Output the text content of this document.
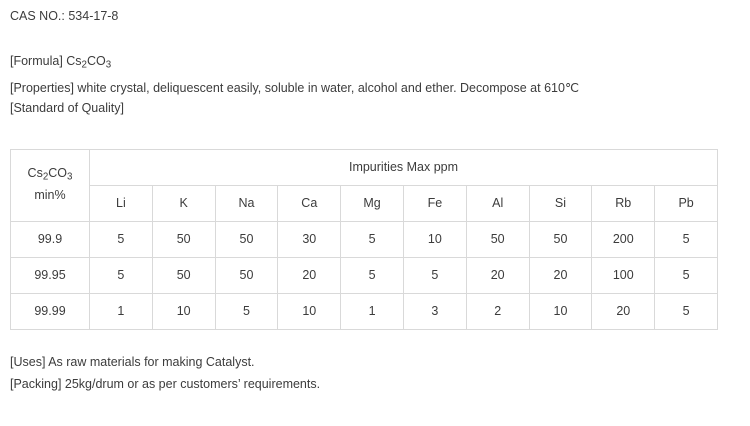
CAS NO.: 534-17-8
[Formula] $Cs_2CO_3$
[Properties] white crystal, deliquescent easily, soluble in water, alcohol and ether. Decompose at 610℃
[Standard of Quality]
$Cs_2CO_3$
min%	Impurities Max ppm									
	Li	K	Na	Ca	Mg	Fe	Al	Si	Rb	Pb
99.9	5	50	50	30	5	10	50	50	200	5
99.95	5	50	50	20	5	5	20	20	100	5
99.99	1	10	5	10	1	3	2	10	20	5
[Uses] As raw materials for making Catalyst.
[Packing] 25kg/drum or as per customers’ requirements.
